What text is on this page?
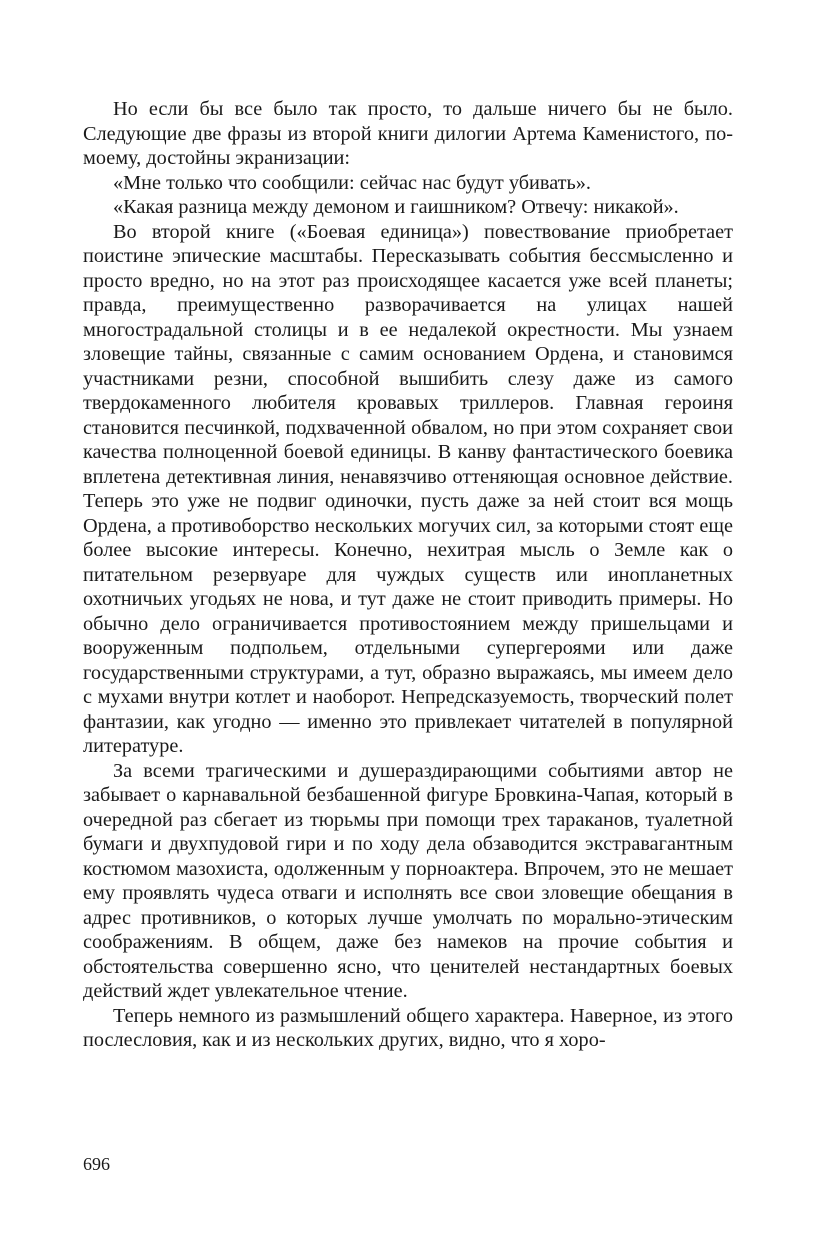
Но если бы все было так просто, то дальше ничего бы не было. Следующие две фразы из второй книги дилогии Артема Каменистого, по-моему, достойны экранизации:

«Мне только что сообщили: сейчас нас будут убивать».

«Какая разница между демоном и гаишником? Отвечу: никакой».

Во второй книге («Боевая единица») повествование приобретает поистине эпические масштабы. Пересказывать события бессмысленно и просто вредно, но на этот раз происходящее касается уже всей планеты; правда, преимущественно разворачивается на улицах нашей многострадальной столицы и в ее недалекой окрестности. Мы узнаем зловещие тайны, связанные с самим основанием Ордена, и становимся участниками резни, способной вышибить слезу даже из самого твердокаменного любителя кровавых триллеров. Главная героиня становится песчинкой, подхваченной обвалом, но при этом сохраняет свои качества полноценной боевой единицы. В канву фантастического боевика вплетена детективная линия, ненавязчиво оттеняющая основное действие. Теперь это уже не подвиг одиночки, пусть даже за ней стоит вся мощь Ордена, а противоборство нескольких могучих сил, за которыми стоят еще более высокие интересы. Конечно, нехитрая мысль о Земле как о питательном резервуаре для чуждых существ или инопланетных охотничьих угодьях не нова, и тут даже не стоит приводить примеры. Но обычно дело ограничивается противостоянием между пришельцами и вооруженным подпольем, отдельными супергероями или даже государственными структурами, а тут, образно выражаясь, мы имеем дело с мухами внутри котлет и наоборот. Непредсказуемость, творческий полет фантазии, как угодно — именно это привлекает читателей в популярной литературе.

За всеми трагическими и душераздирающими событиями автор не забывает о карнавальной безбашенной фигуре Бровкина-Чапая, который в очередной раз сбегает из тюрьмы при помощи трех тараканов, туалетной бумаги и двухпудовой гири и по ходу дела обзаводится экстравагантным костюмом мазохиста, одолженным у порноактера. Впрочем, это не мешает ему проявлять чудеса отваги и исполнять все свои зловещие обещания в адрес противников, о которых лучше умолчать по морально-этическим соображениям. В общем, даже без намеков на прочие события и обстоятельства совершенно ясно, что ценителей нестандартных боевых действий ждет увлекательное чтение.

Теперь немного из размышлений общего характера. Наверное, из этого послесловия, как и из нескольких других, видно, что я хоро-

696
